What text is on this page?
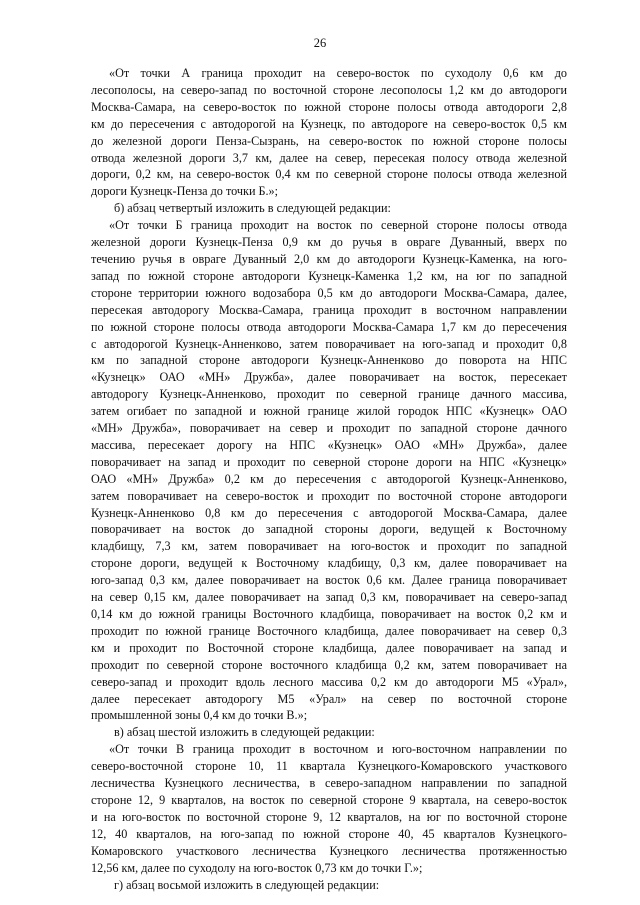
26
«От точки А граница проходит на северо-восток по суходолу 0,6 км до
лесополосы, на северо-запад по восточной стороне лесополосы 1,2 км до автодороги
Москва-Самара, на северо-восток по южной стороне полосы отвода автодороги 2,8
км до пересечения с автодорогой на Кузнецк, по автодороге на северо-восток 0,5 км
до железной дороги Пенза-Сызрань, на северо-восток по южной стороне полосы
отвода железной дороги 3,7 км, далее на север, пересекая полосу отвода железной
дороги, 0,2 км, на северо-восток 0,4 км по северной стороне полосы отвода железной
дороги Кузнецк-Пенза до точки Б.»;
б) абзац четвертый изложить в следующей редакции:
«От точки Б граница проходит на восток по северной стороне полосы отвода
железной дороги Кузнецк-Пенза 0,9 км до ручья в овраге Дуванный, вверх по
течению ручья в овраге Дуванный 2,0 км до автодороги Кузнецк-Каменка, на юго-
запад по южной стороне автодороги Кузнецк-Каменка 1,2 км, на юг по западной
стороне территории южного водозабора 0,5 км до автодороги Москва-Самара, далее,
пересекая автодорогу Москва-Самара, граница проходит в восточном направлении
по южной стороне полосы отвода автодороги Москва-Самара 1,7 км до пересечения
с автодорогой Кузнецк-Анненково, затем поворачивает на юго-запад и проходит 0,8
км по западной стороне автодороги Кузнецк-Анненково до поворота на НПС
«Кузнецк» ОАО «МН» Дружба», далее поворачивает на восток, пересекает
автодорогу Кузнецк-Анненково, проходит по северной границе дачного массива,
затем огибает по западной и южной границе жилой городок НПС «Кузнецк» ОАО
«МН» Дружба», поворачивает на север и проходит по западной стороне дачного
массива, пересекает дорогу на НПС «Кузнецк» ОАО «МН» Дружба», далее
поворачивает на запад и проходит по северной стороне дороги на НПС «Кузнецк»
ОАО «МН» Дружба» 0,2 км до пересечения с автодорогой Кузнецк-Анненково,
затем поворачивает на северо-восток и проходит по восточной стороне автодороги
Кузнецк-Анненково 0,8 км до пересечения с автодорогой Москва-Самара, далее
поворачивает на восток до западной стороны дороги, ведущей к Восточному
кладбищу, 7,3 км, затем поворачивает на юго-восток и проходит по западной
стороне дороги, ведущей к Восточному кладбищу, 0,3 км, далее поворачивает на
юго-запад 0,3 км, далее поворачивает на восток 0,6 км. Далее граница поворачивает
на север 0,15 км, далее поворачивает на запад 0,3 км, поворачивает на северо-запад
0,14 км до южной границы Восточного кладбища, поворачивает на восток 0,2 км и
проходит по южной границе Восточного кладбища, далее поворачивает на север 0,3
км и проходит по Восточной стороне кладбища, далее поворачивает на запад и
проходит по северной стороне восточного кладбища 0,2 км, затем поворачивает на
северо-запад и проходит вдоль лесного массива 0,2 км до автодороги М5 «Урал»,
далее пересекает автодорогу М5 «Урал» на север по восточной стороне
промышленной зоны 0,4 км до точки В.»;
в) абзац шестой изложить в следующей редакции:
«От точки В граница проходит в восточном и юго-восточном направлении по
северо-восточной стороне 10, 11 квартала Кузнецкого-Комаровского участкового
лесничества Кузнецкого лесничества, в северо-западном направлении по западной
стороне 12, 9 кварталов, на восток по северной стороне 9 квартала, на северо-восток
и на юго-восток по восточной стороне 9, 12 кварталов, на юг по восточной стороне
12, 40 кварталов, на юго-запад по южной стороне 40, 45 кварталов Кузнецкого-
Комаровского участкового лесничества Кузнецкого лесничества протяженностью
12,56 км, далее по суходолу на юго-восток 0,73 км до точки Г.»;
г) абзац восьмой изложить в следующей редакции:
